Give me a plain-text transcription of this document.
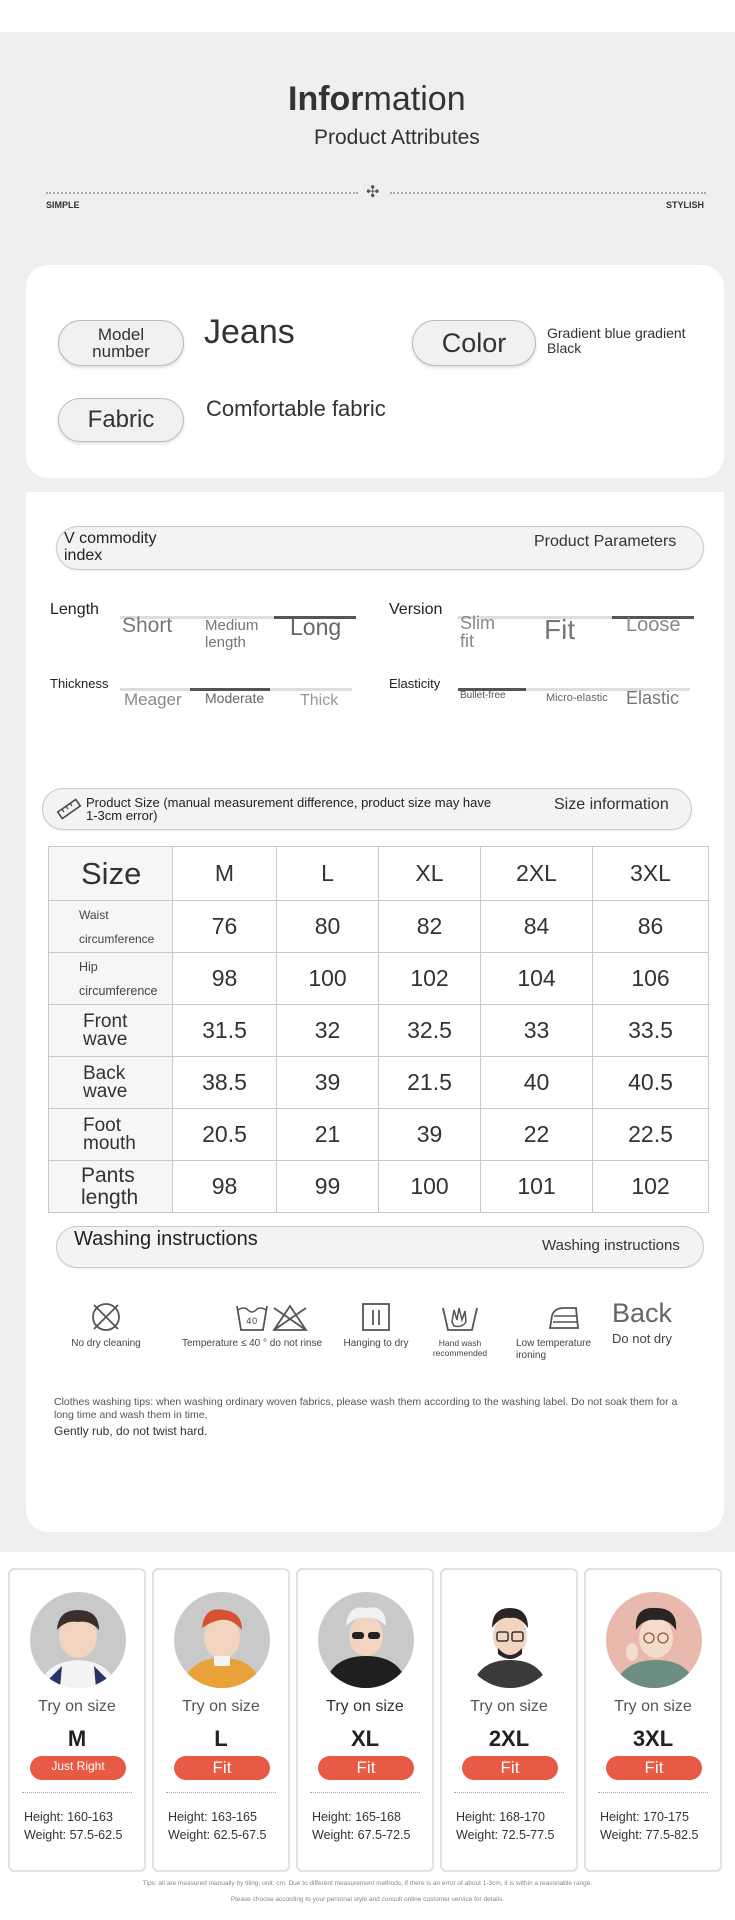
Information
Product Attributes
✣
SIMPLE	STYLISH
Model
number
Jeans	Color	Gradient blue gradient
Black
Fabric	Comfortable fabric
V commodity
index
Product Parameters
Length
Short Medium
length
Long
Version
Slim
fit	Fit	Loose
Thickness
Meager Moderate Thick
Elasticity
Bullet-free	Micro-elastic Elastic
Product Size (manual measurement difference, product size may have
1-3cm error)
Size information
Size	M	L	XL	2XL	3XL

Waist
circumference	76	80	82	84	86

Hip
circumference	98	100	102	104	106

Front
wave	31.5	32	32.5	33	33.5

Back
wave	38.5	39	21.5	40	40.5

Foot
mouth	20.5	21	39	22	22.5

Pants
length	98	99	100	101	102
Washing instructions	Washing instructions
No dry cleaning
40
Temperature ≤ 40 ° do not rinse	Hanging to dry	Hand wash
recommended
Low temperature
ironing
Back
Do not dry
Clothes washing tips: when washing ordinary woven fabrics, please wash them according to the washing label. Do not soak them for a
long time and wash them in time,
Gently rub, do not twist hard.
Try on size
M
Just Right
Height: 160-163
Weight: 57.5-62.5
Try on size
L
Fit
Height: 163-165
Weight: 62.5-67.5
Try on size
XL
Fit
Height: 165-168
Weight: 67.5-72.5
Try on size
2XL
Fit
Height: 168-170
Weight: 72.5-77.5
Try on size
3XL
Fit
Height: 170-175
Weight: 77.5-82.5
Tips: all are measured manually by tiling, unit: cm. Due to different measurement methods, if there is an error of about 1-3cm, it is within a reasonable range.
Please choose according to your personal style and consult online customer service for details.
